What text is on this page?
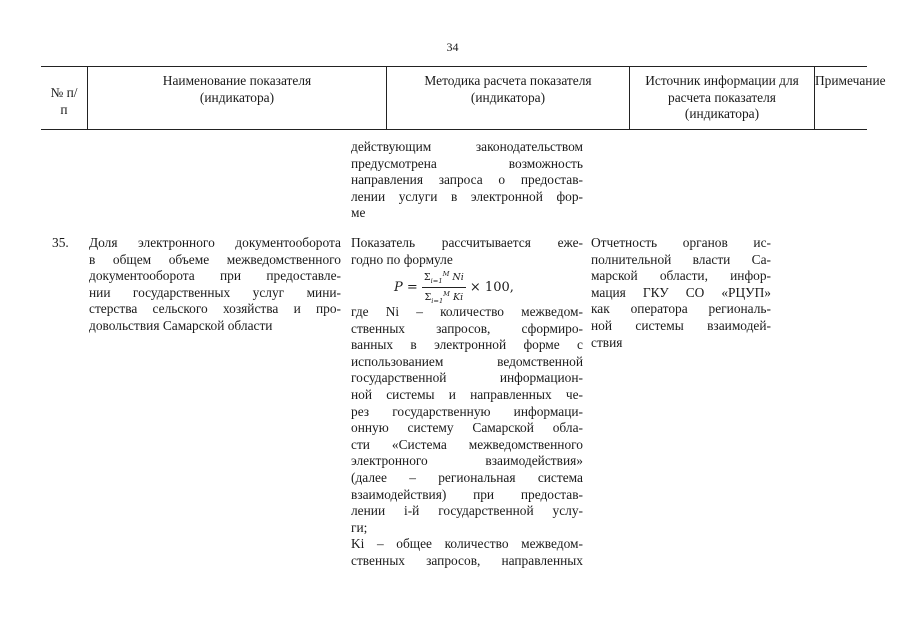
34
№ п/п
Наименование показателя (индикатора)
Методика расчета показателя (индикатора)
Источник информации для расчета показателя (индикатора)
Примечание
действующим законодательством
предусмотрена возможность
направления запроса о предостав-
лении услуги в электронной фор-
ме
35. Доля электронного документооборота
в общем объеме межведомственного
документооборота при предоставле-
нии государственных услуг мини-
стерства сельского хозяйства и про-
довольствия Самарской области
Показатель рассчитывается еже-
годно по формуле
$P = \frac{\Sigma_{i=1}^M Ni}{\Sigma_{i=1}^M Ki} \times 100$,
где Ni – количество межведом-
ственных запросов, сформиро-
ванных в электронной форме с
использованием ведомственной
государственной информацион-
ной системы и направленных че-
рез государственную информаци-
онную систему Самарской обла-
сти «Система межведомственного
электронного взаимодействия»
(далее – региональная система
взаимодействия) при предостав-
лении i-й государственной услу-
ги;
Ki – общее количество межведом-
ственных запросов, направленных
Отчетность органов ис-
полнительной власти Са-
марской области, инфор-
мация ГКУ СО «РЦУП»
как оператора региональ-
ной системы взаимодей-
ствия
